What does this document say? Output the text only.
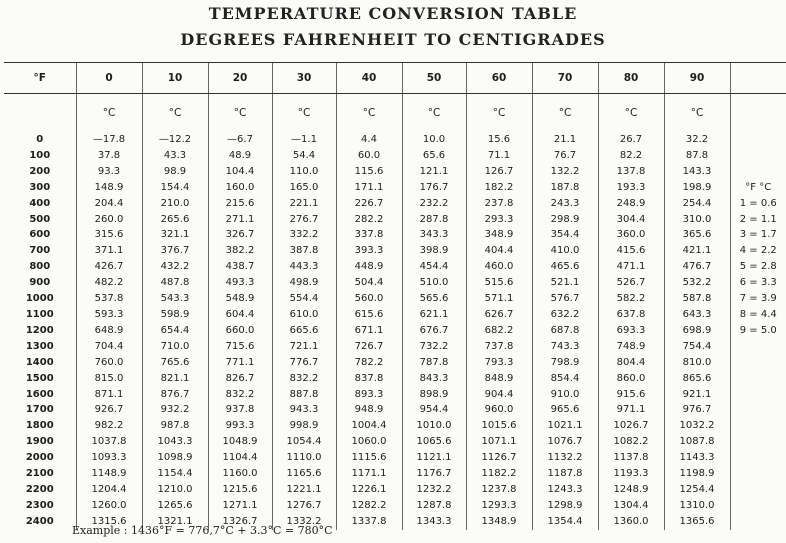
TEMPERATURE CONVERSION TABLE
DEGREES FAHRENHEIT TO CENTIGRADES
°F	0	10	20	30	40	50	60	70	80	90	
	°C	°C	°C	°C	°C	°C	°C	°C	°C	°C	
0	—17.8	—12.2	—6.7	—1.1	4.4	10.0	15.6	21.1	26.7	32.2	
100	37.8	43.3	48.9	54.4	60.0	65.6	71.1	76.7	82.2	87.8	
200	93.3	98.9	104.4	110.0	115.6	121.1	126.7	132.2	137.8	143.3	
300	148.9	154.4	160.0	165.0	171.1	176.7	182.2	187.8	193.3	198.9	°F °C
400	204.4	210.0	215.6	221.1	226.7	232.2	237.8	243.3	248.9	254.4	1 = 0.6
500	260.0	265.6	271.1	276.7	282.2	287.8	293.3	298.9	304.4	310.0	2 = 1.1
600	315.6	321.1	326.7	332.2	337.8	343.3	348.9	354.4	360.0	365.6	3 = 1.7
700	371.1	376.7	382.2	387.8	393.3	398.9	404.4	410.0	415.6	421.1	4 = 2.2
800	426.7	432.2	438.7	443.3	448.9	454.4	460.0	465.6	471.1	476.7	5 = 2.8
900	482.2	487.8	493.3	498.9	504.4	510.0	515.6	521.1	526.7	532.2	6 = 3.3
1000	537.8	543.3	548.9	554.4	560.0	565.6	571.1	576.7	582.2	587.8	7 = 3.9
1100	593.3	598.9	604.4	610.0	615.6	621.1	626.7	632.2	637.8	643.3	8 = 4.4
1200	648.9	654.4	660.0	665.6	671.1	676.7	682.2	687.8	693.3	698.9	9 = 5.0
1300	704.4	710.0	715.6	721.1	726.7	732.2	737.8	743.3	748.9	754.4	
1400	760.0	765.6	771.1	776.7	782.2	787.8	793.3	798.9	804.4	810.0	
1500	815.0	821.1	826.7	832.2	837.8	843.3	848.9	854.4	860.0	865.6	
1600	871.1	876.7	832.2	887.8	893.3	898.9	904.4	910.0	915.6	921.1	
1700	926.7	932.2	937.8	943.3	948.9	954.4	960.0	965.6	971.1	976.7	
1800	982.2	987.8	993.3	998.9	1004.4	1010.0	1015.6	1021.1	1026.7	1032.2	
1900	1037.8	1043.3	1048.9	1054.4	1060.0	1065.6	1071.1	1076.7	1082.2	1087.8	
2000	1093.3	1098.9	1104.4	1110.0	1115.6	1121.1	1126.7	1132.2	1137.8	1143.3	
2100	1148.9	1154.4	1160.0	1165.6	1171.1	1176.7	1182.2	1187.8	1193.3	1198.9	
2200	1204.4	1210.0	1215.6	1221.1	1226.1	1232.2	1237.8	1243.3	1248.9	1254.4	
2300	1260.0	1265.6	1271.1	1276.7	1282.2	1287.8	1293.3	1298.9	1304.4	1310.0	
2400	1315.6	1321.1	1326.7	1332.2	1337.8	1343.3	1348.9	1354.4	1360.0	1365.6	
Example : 1436°F = 776,7°C + 3.3°C = 780°C
